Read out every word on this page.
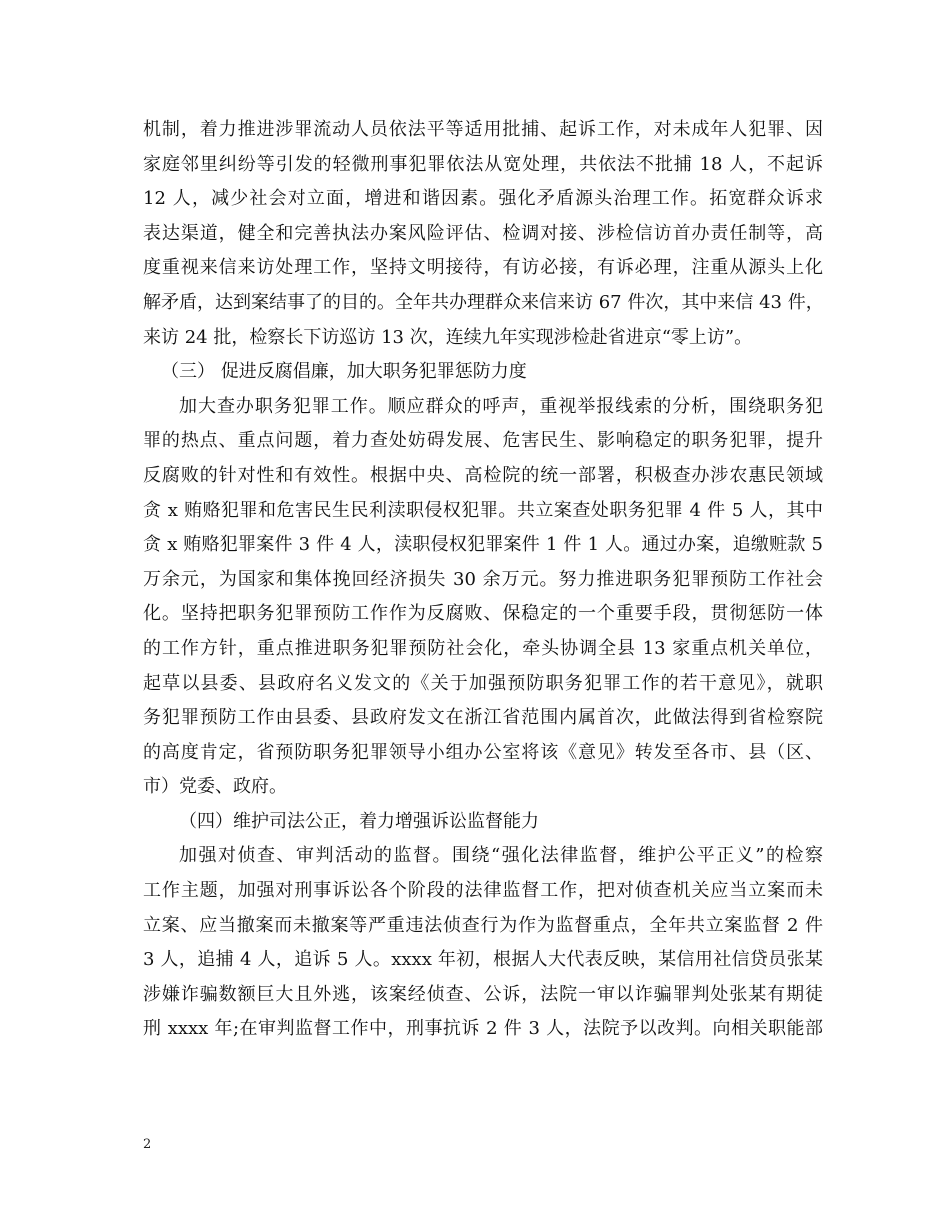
机制，着力推进涉罪流动人员依法平等适用批捕、起诉工作，对未成年人犯罪、因
家庭邻里纠纷等引发的轻微刑事犯罪依法从宽处理，共依法不批捕 18 人，不起诉
12 人，减少社会对立面，增进和谐因素。强化矛盾源头治理工作。拓宽群众诉求
表达渠道，健全和完善执法办案风险评估、检调对接、涉检信访首办责任制等，高
度重视来信来访处理工作，坚持文明接待，有访必接，有诉必理，注重从源头上化
解矛盾，达到案结事了的目的。全年共办理群众来信来访 67 件次，其中来信 43 件，
来访 24 批，检察长下访巡访 13 次，连续九年实现涉检赴省进京“零上访”。
（三） 促进反腐倡廉，加大职务犯罪惩防力度
加大查办职务犯罪工作。顺应群众的呼声，重视举报线索的分析，围绕职务犯
罪的热点、重点问题，着力查处妨碍发展、危害民生、影响稳定的职务犯罪，提升
反腐败的针对性和有效性。根据中央、高检院的统一部署，积极查办涉农惠民领域
贪 x 贿赂犯罪和危害民生民利渎职侵权犯罪。共立案查处职务犯罪 4 件 5 人，其中
贪 x 贿赂犯罪案件 3 件 4 人，渎职侵权犯罪案件 1 件 1 人。通过办案，追缴赃款 5
万余元，为国家和集体挽回经济损失 30 余万元。努力推进职务犯罪预防工作社会
化。坚持把职务犯罪预防工作作为反腐败、保稳定的一个重要手段，贯彻惩防一体
的工作方针，重点推进职务犯罪预防社会化，牵头协调全县 13 家重点机关单位，
起草以县委、县政府名义发文的《关于加强预防职务犯罪工作的若干意见》，就职
务犯罪预防工作由县委、县政府发文在浙江省范围内属首次，此做法得到省检察院
的高度肯定，省预防职务犯罪领导小组办公室将该《意见》转发至各市、县（区、
市）党委、政府。
（四）维护司法公正，着力增强诉讼监督能力
加强对侦查、审判活动的监督。围绕“强化法律监督，维护公平正义”的检察
工作主题，加强对刑事诉讼各个阶段的法律监督工作，把对侦查机关应当立案而未
立案、应当撤案而未撤案等严重违法侦查行为作为监督重点，全年共立案监督 2 件
3 人，追捕 4 人，追诉 5 人。xxxx 年初，根据人大代表反映，某信用社信贷员张某
涉嫌诈骗数额巨大且外逃，该案经侦查、公诉，法院一审以诈骗罪判处张某有期徒
刑 xxxx 年;在审判监督工作中，刑事抗诉 2 件 3 人，法院予以改判。向相关职能部
2
